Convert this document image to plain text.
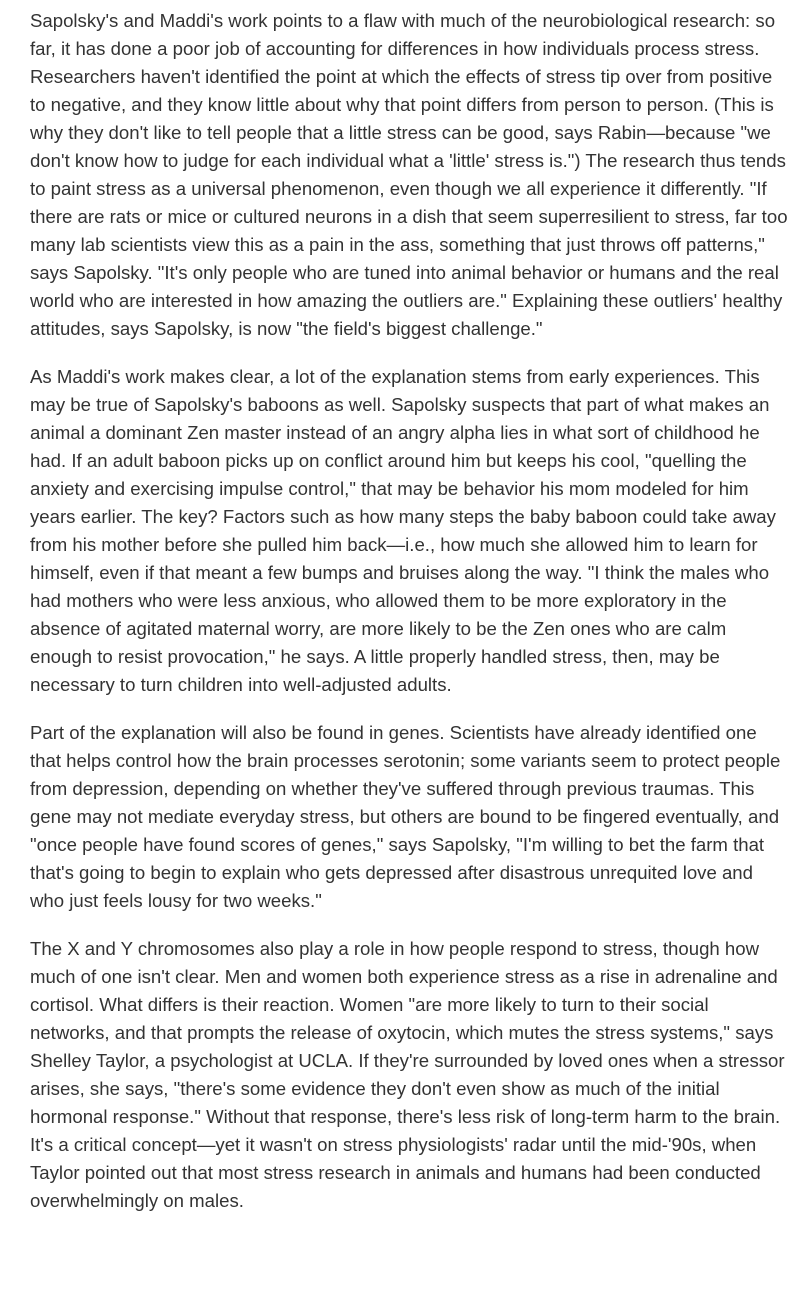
Sapolsky's and Maddi's work points to a flaw with much of the neurobiological research: so far, it has done a poor job of accounting for differences in how individuals process stress. Researchers haven't identified the point at which the effects of stress tip over from positive to negative, and they know little about why that point differs from person to person. (This is why they don't like to tell people that a little stress can be good, says Rabin—because "we don't know how to judge for each individual what a 'little' stress is.") The research thus tends to paint stress as a universal phenomenon, even though we all experience it differently. "If there are rats or mice or cultured neurons in a dish that seem superresilient to stress, far too many lab scientists view this as a pain in the ass, something that just throws off patterns," says Sapolsky. "It's only people who are tuned into animal behavior or humans and the real world who are interested in how amazing the outliers are." Explaining these outliers' healthy attitudes, says Sapolsky, is now "the field's biggest challenge."

As Maddi's work makes clear, a lot of the explanation stems from early experiences. This may be true of Sapolsky's baboons as well. Sapolsky suspects that part of what makes an animal a dominant Zen master instead of an angry alpha lies in what sort of childhood he had. If an adult baboon picks up on conflict around him but keeps his cool, "quelling the anxiety and exercising impulse control," that may be behavior his mom modeled for him years earlier. The key? Factors such as how many steps the baby baboon could take away from his mother before she pulled him back—i.e., how much she allowed him to learn for himself, even if that meant a few bumps and bruises along the way. "I think the males who had mothers who were less anxious, who allowed them to be more exploratory in the absence of agitated maternal worry, are more likely to be the Zen ones who are calm enough to resist provocation," he says. A little properly handled stress, then, may be necessary to turn children into well-adjusted adults.

Part of the explanation will also be found in genes. Scientists have already identified one that helps control how the brain processes serotonin; some variants seem to protect people from depression, depending on whether they've suffered through previous traumas. This gene may not mediate everyday stress, but others are bound to be fingered eventually, and "once people have found scores of genes," says Sapolsky, "I'm willing to bet the farm that that's going to begin to explain who gets depressed after disastrous unrequited love and who just feels lousy for two weeks."

The X and Y chromosomes also play a role in how people respond to stress, though how much of one isn't clear. Men and women both experience stress as a rise in adrenaline and cortisol. What differs is their reaction. Women "are more likely to turn to their social networks, and that prompts the release of oxytocin, which mutes the stress systems," says Shelley Taylor, a psychologist at UCLA. If they're surrounded by loved ones when a stressor arises, she says, "there's some evidence they don't even show as much of the initial hormonal response." Without that response, there's less risk of long-term harm to the brain. It's a critical concept—yet it wasn't on stress physiologists' radar until the mid-'90s, when Taylor pointed out that most stress research in animals and humans had been conducted overwhelmingly on males.
